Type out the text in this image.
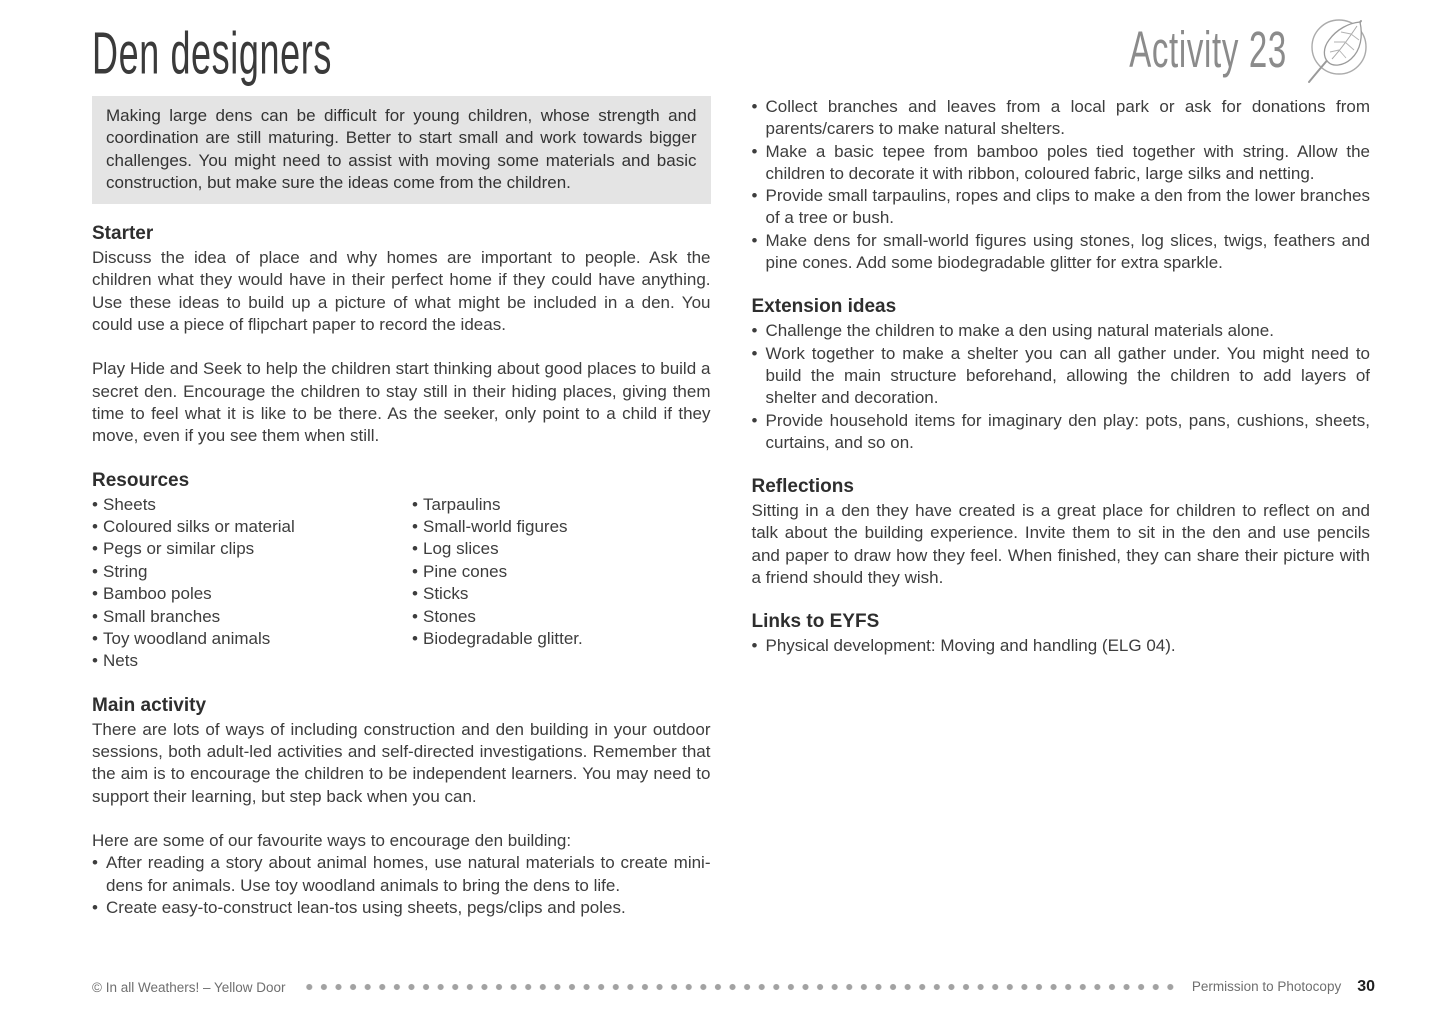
Den designers	Activity 23
Making large dens can be difficult for young children, whose strength and coordination are still maturing. Better to start small and work towards bigger challenges. You might need to assist with moving some materials and basic construction, but make sure the ideas come from the children.
Starter

Discuss the idea of place and why homes are important to people. Ask the children what they would have in their perfect home if they could have anything. Use these ideas to build up a picture of what might be included in a den. You could use a piece of flipchart paper to record the ideas.

Play Hide and Seek to help the children start thinking about good places to build a secret den. Encourage the children to stay still in their hiding places, giving them time to feel what it is like to be there. As the seeker, only point to a child if they move, even if you see them when still.

Resources
• Sheets
• Coloured silks or material
• Pegs or similar clips
• String
• Bamboo poles
• Small branches
• Toy woodland animals
• Nets
• Tarpaulins
• Small-world figures
• Log slices
• Pine cones
• Sticks
• Stones
• Biodegradable glitter.
Main activity

There are lots of ways of including construction and den building in your outdoor sessions, both adult-led activities and self-directed investigations. Remember that the aim is to encourage the children to be independent learners. You may need to support their learning, but step back when you can.

Here are some of our favourite ways to encourage den building:

• After reading a story about animal homes, use natural materials to create mini-dens for animals. Use toy woodland animals to bring the dens to life.
• Create easy-to-construct lean-tos using sheets, pegs/clips and poles.
• Collect branches and leaves from a local park or ask for donations from parents/carers to make natural shelters.
• Make a basic tepee from bamboo poles tied together with string. Allow the children to decorate it with ribbon, coloured fabric, large silks and netting.
• Provide small tarpaulins, ropes and clips to make a den from the lower branches of a tree or bush.
• Make dens for small-world figures using stones, log slices, twigs, feathers and pine cones. Add some biodegradable glitter for extra sparkle.
Extension ideas
• Challenge the children to make a den using natural materials alone.
• Work together to make a shelter you can all gather under. You might need to build the main structure beforehand, allowing the children to add layers of shelter and decoration.
• Provide household items for imaginary den play: pots, pans, cushions, sheets, curtains, and so on.
Reflections

Sitting in a den they have created is a great place for children to reflect on and talk about the building experience. Invite them to sit in the den and use pencils and paper to draw how they feel. When finished, they can share their picture with a friend should they wish.

Links to EYFS
• Physical development: Moving and handling (ELG 04).
© In all Weathers! – Yellow Door	Permission to Photocopy 30
